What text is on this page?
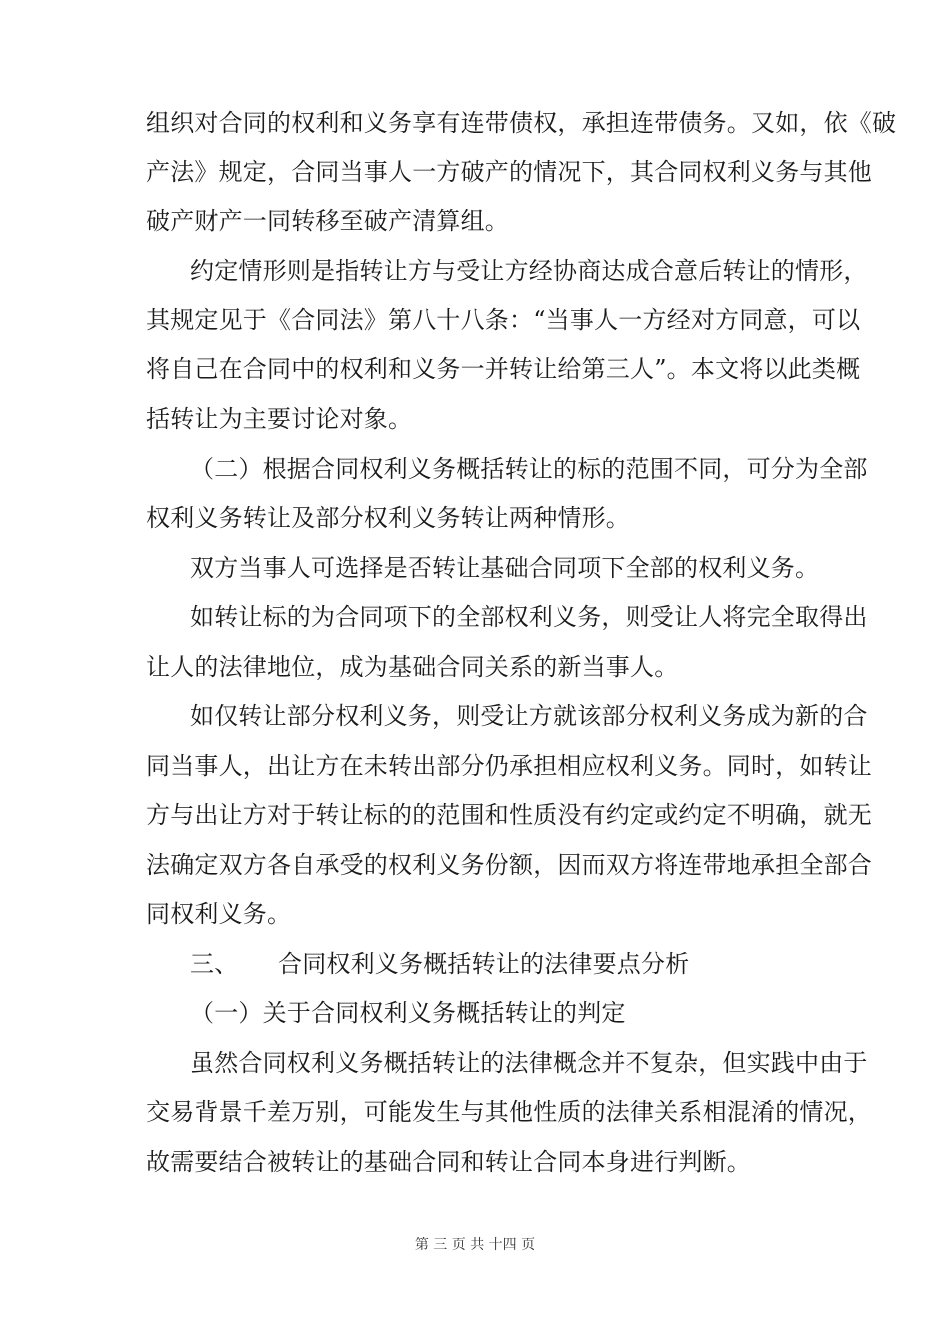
组织对合同的权利和义务享有连带债权，承担连带债务。又如，依《破
产法》规定，合同当事人一方破产的情况下，其合同权利义务与其他
破产财产一同转移至破产清算组。
约定情形则是指转让方与受让方经协商达成合意后转让的情形，
其规定见于《合同法》第八十八条：“当事人一方经对方同意，可以
将自己在合同中的权利和义务一并转让给第三人”。本文将以此类概
括转让为主要讨论对象。
（二）根据合同权利义务概括转让的标的范围不同，可分为全部
权利义务转让及部分权利义务转让两种情形。
双方当事人可选择是否转让基础合同项下全部的权利义务。
如转让标的为合同项下的全部权利义务，则受让人将完全取得出
让人的法律地位，成为基础合同关系的新当事人。
如仅转让部分权利义务，则受让方就该部分权利义务成为新的合
同当事人，出让方在未转出部分仍承担相应权利义务。同时，如转让
方与出让方对于转让标的的范围和性质没有约定或约定不明确，就无
法确定双方各自承受的权利义务份额，因而双方将连带地承担全部合
同权利义务。
三、 合同权利义务概括转让的法律要点分析
（一）关于合同权利义务概括转让的判定
虽然合同权利义务概括转让的法律概念并不复杂，但实践中由于
交易背景千差万别，可能发生与其他性质的法律关系相混淆的情况，
故需要结合被转让的基础合同和转让合同本身进行判断。
第 三 页 共 十四 页
